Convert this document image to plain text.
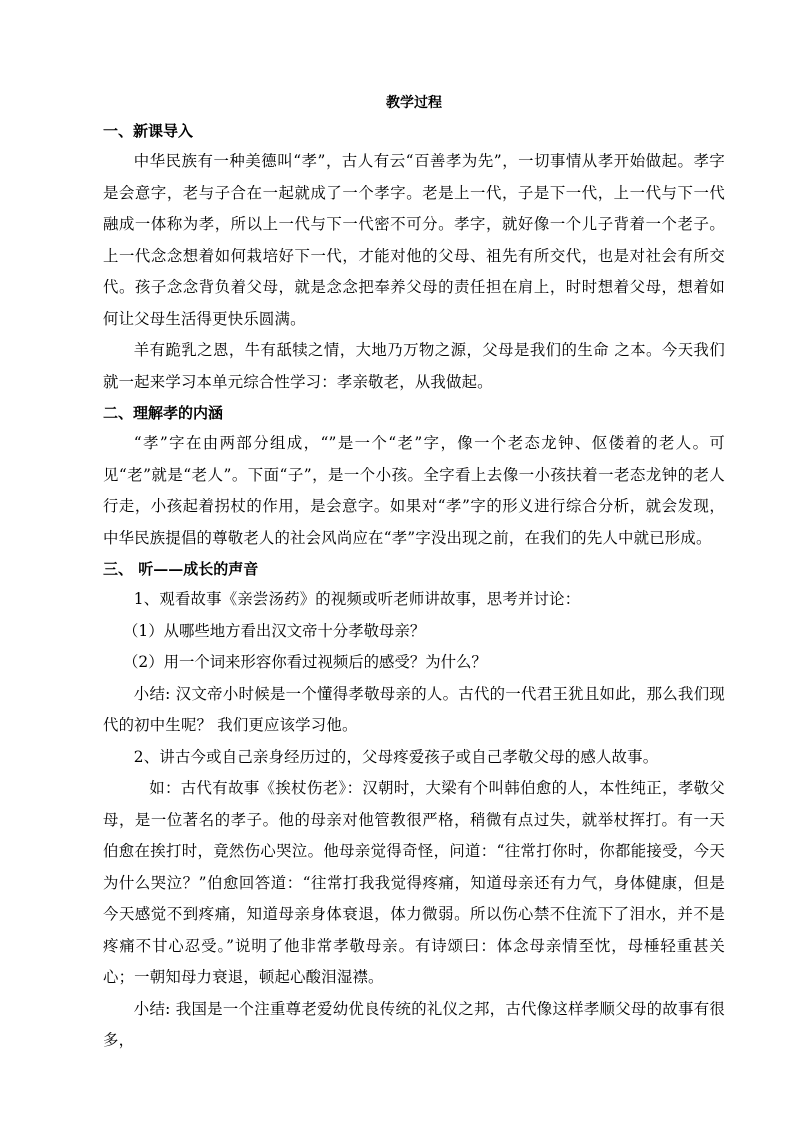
教学过程

一、新课导入

中华民族有一种美德叫“孝”，古人有云“百善孝为先”，一切事情从孝开始做起。孝字是会意字，老与子合在一起就成了一个孝字。老是上一代，子是下一代，上一代与下一代融成一体称为孝，所以上一代与下一代密不可分。孝字，就好像一个儿子背着一个老子。上一代念念想着如何栽培好下一代，才能对他的父母、祖先有所交代，也是对社会有所交代。孩子念念背负着父母，就是念念把奉养父母的责任担在肩上，时时想着父母，想着如何让父母生活得更快乐圆满。

羊有跪乳之恩，牛有舐犊之情，大地乃万物之源，父母是我们的生命 之本。今天我们就一起来学习本单元综合性学习：孝亲敬老，从我做起。

二、理解孝的内涵

“孝”字在由两部分组成，“”是一个“老”字，像一个老态龙钟、伛偻着的老人。可见“老”就是“老人”。下面“子”，是一个小孩。全字看上去像一小孩扶着一老态龙钟的老人行走，小孩起着拐杖的作用，是会意字。如果对“孝”字的形义进行综合分析，就会发现，中华民族提倡的尊敬老人的社会风尚应在“孝”字没出现之前，在我们的先人中就已形成。

三、 听——成长的声音

1、观看故事《亲尝汤药》的视频或听老师讲故事，思考并讨论：

（1）从哪些地方看出汉文帝十分孝敬母亲？

（2）用一个词来形容你看过视频后的感受？为什么？

小结: 汉文帝小时候是一个懂得孝敬母亲的人。古代的一代君王犹且如此，那么我们现代的初中生呢？ 我们更应该学习他。

2、讲古今或自己亲身经历过的，父母疼爱孩子或自己孝敬父母的感人故事。

如：古代有故事《挨杖伤老》：汉朝时，大梁有个叫韩伯愈的人，本性纯正，孝敬父母，是一位著名的孝子。他的母亲对他管教很严格，稍微有点过失，就举杖挥打。有一天伯愈在挨打时，竟然伤心哭泣。他母亲觉得奇怪，问道：“往常打你时，你都能接受，今天为什么哭泣？”伯愈回答道：“往常打我我觉得疼痛，知道母亲还有力气，身体健康，但是今天感觉不到疼痛，知道母亲身体衰退，体力微弱。所以伤心禁不住流下了泪水，并不是疼痛不甘心忍受。”说明了他非常孝敬母亲。有诗颂曰：体念母亲情至忱，母棰轻重甚关心；一朝知母力衰退，顿起心酸泪湿襟。

小结: 我国是一个注重尊老爱幼优良传统的礼仪之邦，古代像这样孝顺父母的故事有很多，
